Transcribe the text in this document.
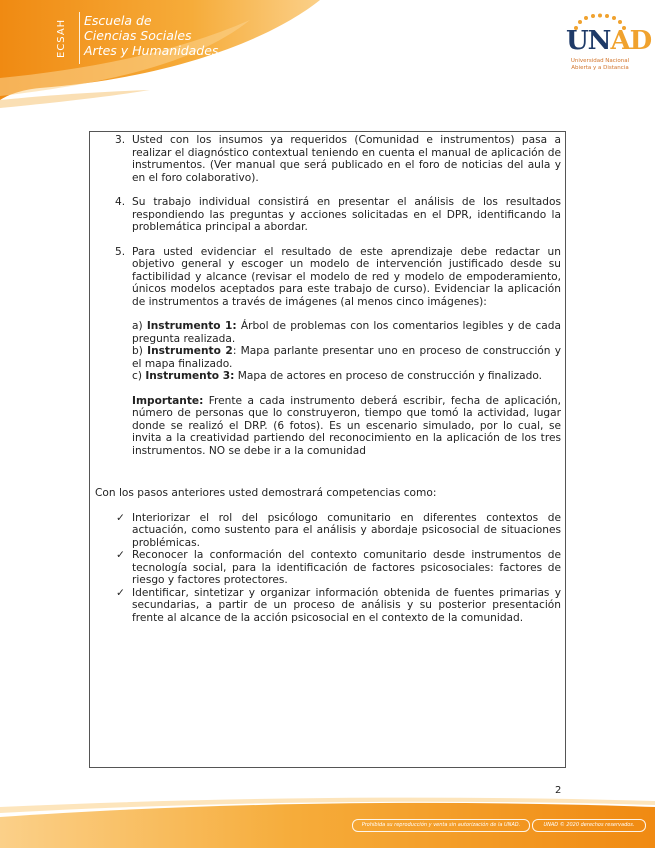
ECSAH	Escuela de
Ciencias Sociales
Artes y Humanidades	UNAD
Universidad Nacional
Abierta y a Distancia
3. Usted con los insumos ya requeridos (Comunidad e instrumentos) pasa a realizar el diagnóstico contextual teniendo en cuenta el manual de aplicación de instrumentos. (Ver manual que será publicado en el foro de noticias del aula y en el foro colaborativo).

4. Su trabajo individual consistirá en presentar el análisis de los resultados respondiendo las preguntas y acciones solicitadas en el DPR, identificando la problemática principal a abordar.

5. Para usted evidenciar el resultado de este aprendizaje debe redactar un objetivo general y escoger un modelo de intervención justificado desde su factibilidad y alcance (revisar el modelo de red y modelo de empoderamiento, únicos modelos aceptados para este trabajo de curso). Evidenciar la aplicación de instrumentos a través de imágenes (al menos cinco imágenes):

a) Instrumento 1: Árbol de problemas con los comentarios legibles y de cada pregunta realizada.

b) Instrumento 2: Mapa parlante presentar uno en proceso de construcción y el mapa finalizado.

c) Instrumento 3: Mapa de actores en proceso de construcción y finalizado.

Importante: Frente a cada instrumento deberá escribir, fecha de aplicación, número de personas que lo construyeron, tiempo que tomó la actividad, lugar donde se realizó el DRP. (6 fotos). Es un escenario simulado, por lo cual, se invita a la creatividad partiendo del reconocimiento en la aplicación de los tres instrumentos. NO se debe ir a la comunidad

Con los pasos anteriores usted demostrará competencias como:

✓ Interiorizar el rol del psicólogo comunitario en diferentes contextos de actuación, como sustento para el análisis y abordaje psicosocial de situaciones problémicas.
✓ Reconocer la conformación del contexto comunitario desde instrumentos de tecnología social, para la identificación de factores psicosociales: factores de riesgo y factores protectores.
✓ Identificar, sintetizar y organizar información obtenida de fuentes primarias y secundarias, a partir de un proceso de análisis y su posterior presentación frente al alcance de la acción psicosocial en el contexto de la comunidad.
2
Prohibida su reproducción y venta sin autorización de la UNAD.	UNAD © 2020 derechos reservados.
